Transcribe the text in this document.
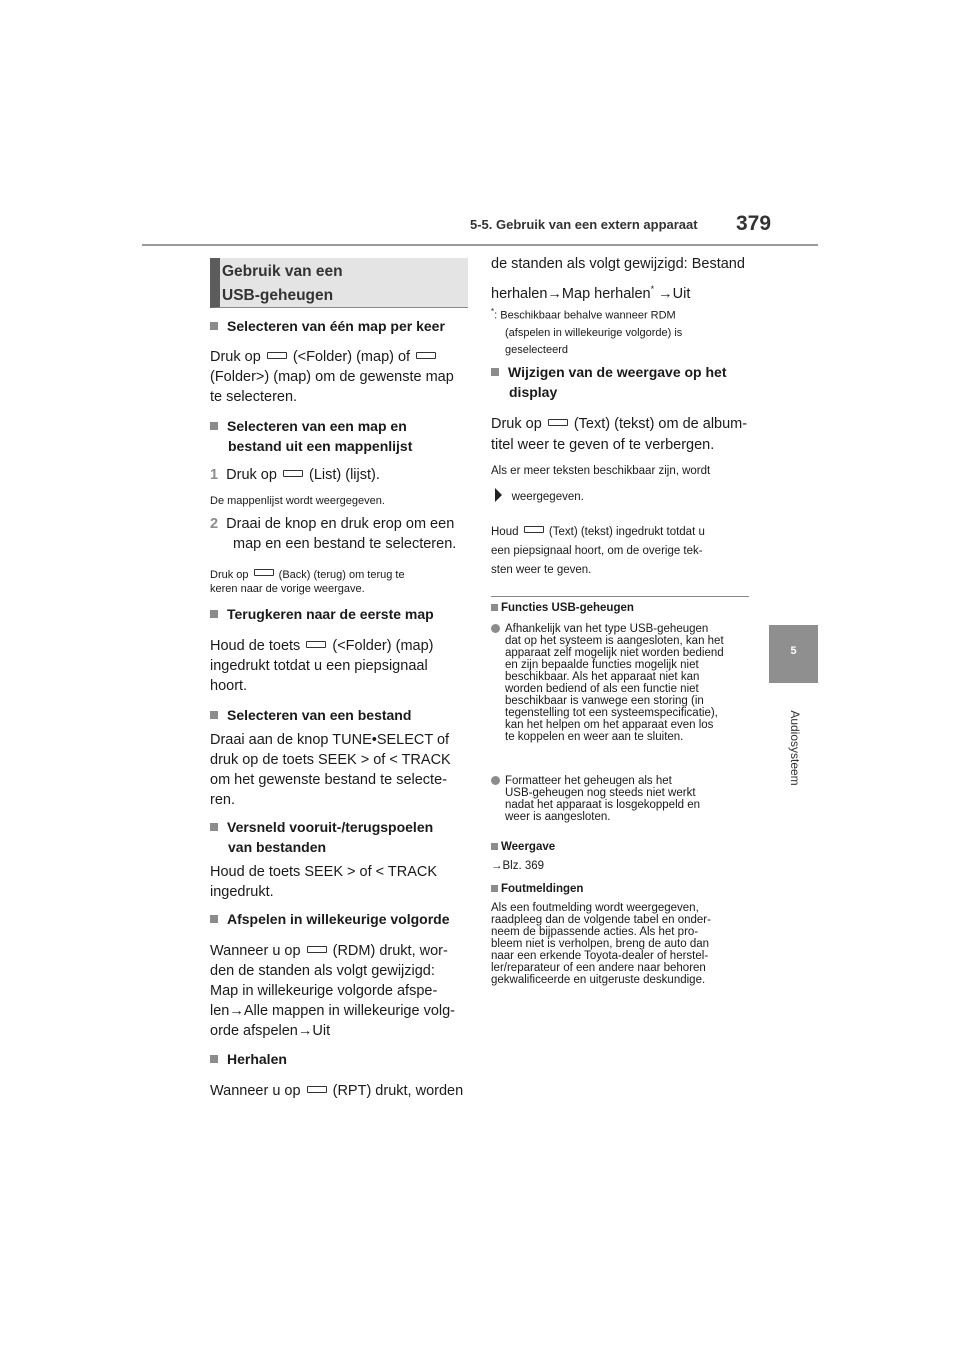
5-5. Gebruik van een extern apparaat 379
5
Audiosysteem
Gebruik van een
USB-geheugen
Selecteren van één map per keer
Druk op (<Folder) (map) of
(Folder>) (map) om de gewenste map
te selecteren.
Selecteren van een map en
bestand uit een mappenlijst
1 Druk op (List) (lijst).
De mappenlijst wordt weergegeven.
2 Draai de knop en druk erop om een
map en een bestand te selecteren.
Druk op	(Back) (terug) om terug te
keren naar de vorige weergave.
Terugkeren naar de eerste map
Houd de toets (<Folder) (map)
ingedrukt totdat u een piepsignaal
hoort.
Selecteren van een bestand
Draai aan de knop TUNE•SELECT of
druk op de toets SEEK > of < TRACK
om het gewenste bestand te selecte-
ren.
Versneld vooruit-/terugspoelen
van bestanden
Houd de toets SEEK > of < TRACK
ingedrukt.
Afspelen in willekeurige volgorde
Wanneer u op (RDM) drukt, wor-
den de standen als volgt gewijzigd:
Map in willekeurige volgorde afspe-
len→Alle mappen in willekeurige volg-
orde afspelen→Uit
Herhalen
Wanneer u op (RPT) drukt, worden
de standen als volgt gewijzigd: Bestand
herhalen→Map herhalen* →Uit
*: Beschikbaar behalve wanneer RDM
(afspelen in willekeurige volgorde) is
geselecteerd
Wijzigen van de weergave op het
display
Druk op (Text) (tekst) om de album-
titel weer te geven of te verbergen.
Als er meer teksten beschikbaar zijn, wordt
weergegeven.
Houd	(Text) (tekst) ingedrukt totdat u
een piepsignaal hoort, om de overige tek-
sten weer te geven.
Functies USB-geheugen
Afhankelijk van het type USB-geheugen
dat op het systeem is aangesloten, kan het
apparaat zelf mogelijk niet worden bediend
en zijn bepaalde functies mogelijk niet
beschikbaar. Als het apparaat niet kan
worden bediend of als een functie niet
beschikbaar is vanwege een storing (in
tegenstelling tot een systeemspecificatie),
kan het helpen om het apparaat even los
te koppelen en weer aan te sluiten.
Formatteer het geheugen als het
USB-geheugen nog steeds niet werkt
nadat het apparaat is losgekoppeld en
weer is aangesloten.
Weergave
→Blz. 369
Foutmeldingen
Als een foutmelding wordt weergegeven,
raadpleeg dan de volgende tabel en onder-
neem de bijpassende acties. Als het pro-
bleem niet is verholpen, breng de auto dan
naar een erkende Toyota-dealer of herstel-
ler/reparateur of een andere naar behoren
gekwalificeerde en uitgeruste deskundige.
